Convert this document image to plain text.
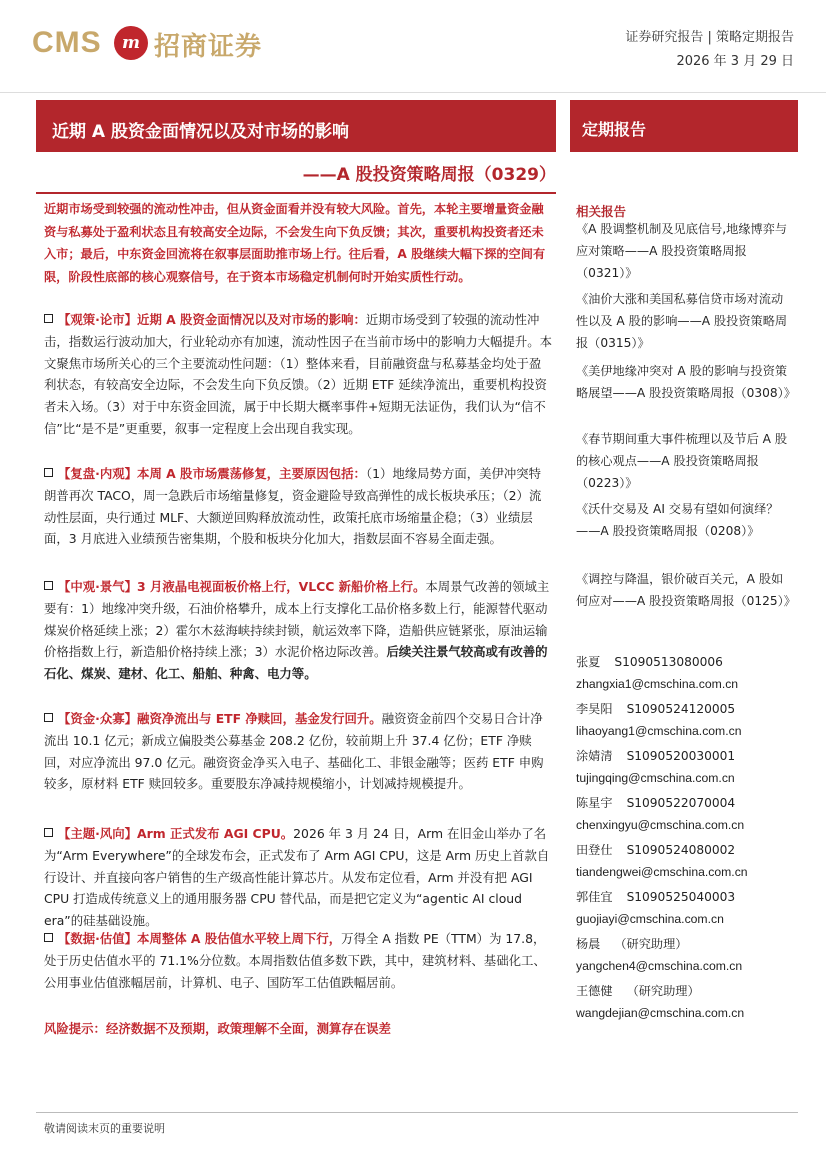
CMS	m 招商证券	证券研究报告 | 策略定期报告
2026 年 3 月 29 日
近期 A 股资金面情况以及对市场的影响
——A 股投资策略周报（0329）
定期报告
近期市场受到较强的流动性冲击，但从资金面看并没有较大风险。首先，本轮主要增量资金融资与私募处于盈利状态且有较高安全边际，不会发生向下负反馈；其次，重要机构投资者还未入市；最后，中东资金回流将在叙事层面助推市场上行。往后看，A 股继续大幅下探的空间有限，阶段性底部的核心观察信号，在于资本市场稳定机制何时开始实质性行动。
【观策·论市】近期 A 股资金面情况以及对市场的影响：近期市场受到了较强的流动性冲击，指数运行波动加大，行业轮动亦有加速，流动性因子在当前市场中的影响力大幅提升。本文聚焦市场所关心的三个主要流动性问题：（1）整体来看，目前融资盘与私募基金均处于盈利状态，有较高安全边际，不会发生向下负反馈。（2）近期 ETF 延续净流出，重要机构投资者未入场。（3）对于中东资金回流，属于中长期大概率事件+短期无法证伪，我们认为“信不信”比“是不是”更重要，叙事一定程度上会出现自我实现。
【复盘·内观】本周 A 股市场震荡修复，主要原因包括：（1）地缘局势方面，美伊冲突特朗普再次 TACO，周一急跌后市场缩量修复，资金避险导致高弹性的成长板块承压；（2）流动性层面，央行通过 MLF、大额逆回购释放流动性，政策托底市场缩量企稳；（3）业绩层面，3 月底进入业绩预告密集期，个股和板块分化加大，指数层面不容易全面走强。
【中观·景气】3 月液晶电视面板价格上行，VLCC 新船价格上行。本周景气改善的领域主要有：1）地缘冲突升级，石油价格攀升，成本上行支撑化工品价格多数上行，能源替代驱动煤炭价格延续上涨；2）霍尔木兹海峡持续封锁，航运效率下降，造船供应链紧张，原油运输价格指数上行，新造船价格持续上涨；3）水泥价格边际改善。后续关注景气较高或有改善的石化、煤炭、建材、化工、船舶、种禽、电力等。
【资金·众寡】融资净流出与 ETF 净赎回，基金发行回升。融资资金前四个交易日合计净流出 10.1 亿元；新成立偏股类公募基金 208.2 亿份，较前期上升 37.4 亿份；ETF 净赎回，对应净流出 97.0 亿元。融资资金净买入电子、基础化工、非银金融等；医药 ETF 申购较多，原材料 ETF 赎回较多。重要股东净减持规模缩小，计划减持规模提升。
【主题·风向】Arm 正式发布 AGI CPU。2026 年 3 月 24 日，Arm 在旧金山举办了名为“Arm Everywhere”的全球发布会，正式发布了 Arm AGI CPU，这是 Arm 历史上首款自行设计、并直接向客户销售的生产级高性能计算芯片。从发布定位看，Arm 并没有把 AGI CPU 打造成传统意义上的通用服务器 CPU 替代品，而是把它定义为“agentic AI cloud era”的硅基础设施。
【数据·估值】本周整体 A 股估值水平较上周下行，万得全 A 指数 PE（TTM）为 17.8，处于历史估值水平的 71.1%分位数。本周指数估值多数下跌，其中，建筑材料、基础化工、公用事业估值涨幅居前，计算机、电子、国防军工估值跌幅居前。
风险提示：经济数据不及预期，政策理解不全面，测算存在误差
相关报告
《A 股调整机制及见底信号,地缘博弈与应对策略——A 股投资策略周报（0321）》
《油价大涨和美国私募信贷市场对流动性以及 A 股的影响——A 股投资策略周报（0315）》
《美伊地缘冲突对 A 股的影响与投资策略展望——A 股投资策略周报（0308）》
《春节期间重大事件梳理以及节后 A 股的核心观点——A 股投资策略周报（0223）》
《沃什交易及 AI 交易有望如何演绎？——A 股投资策略周报（0208）》
《调控与降温，银价破百关元，A 股如何应对——A 股投资策略周报（0125）》
张夏 S1090513080006
zhangxia1@cmschina.com.cn
李昊阳 S1090524120005
lihaoyang1@cmschina.com.cn
涂婧清 S1090520030001
tujingqing@cmschina.com.cn
陈星宇 S1090522070004
chenxingyu@cmschina.com.cn
田登仕 S1090524080002
tiandengwei@cmschina.com.cn
郭佳宜 S1090525040003
guojiayi@cmschina.com.cn
杨晨 （研究助理）
yangchen4@cmschina.com.cn
王德健 （研究助理）
wangdejian@cmschina.com.cn
敬请阅读末页的重要说明
